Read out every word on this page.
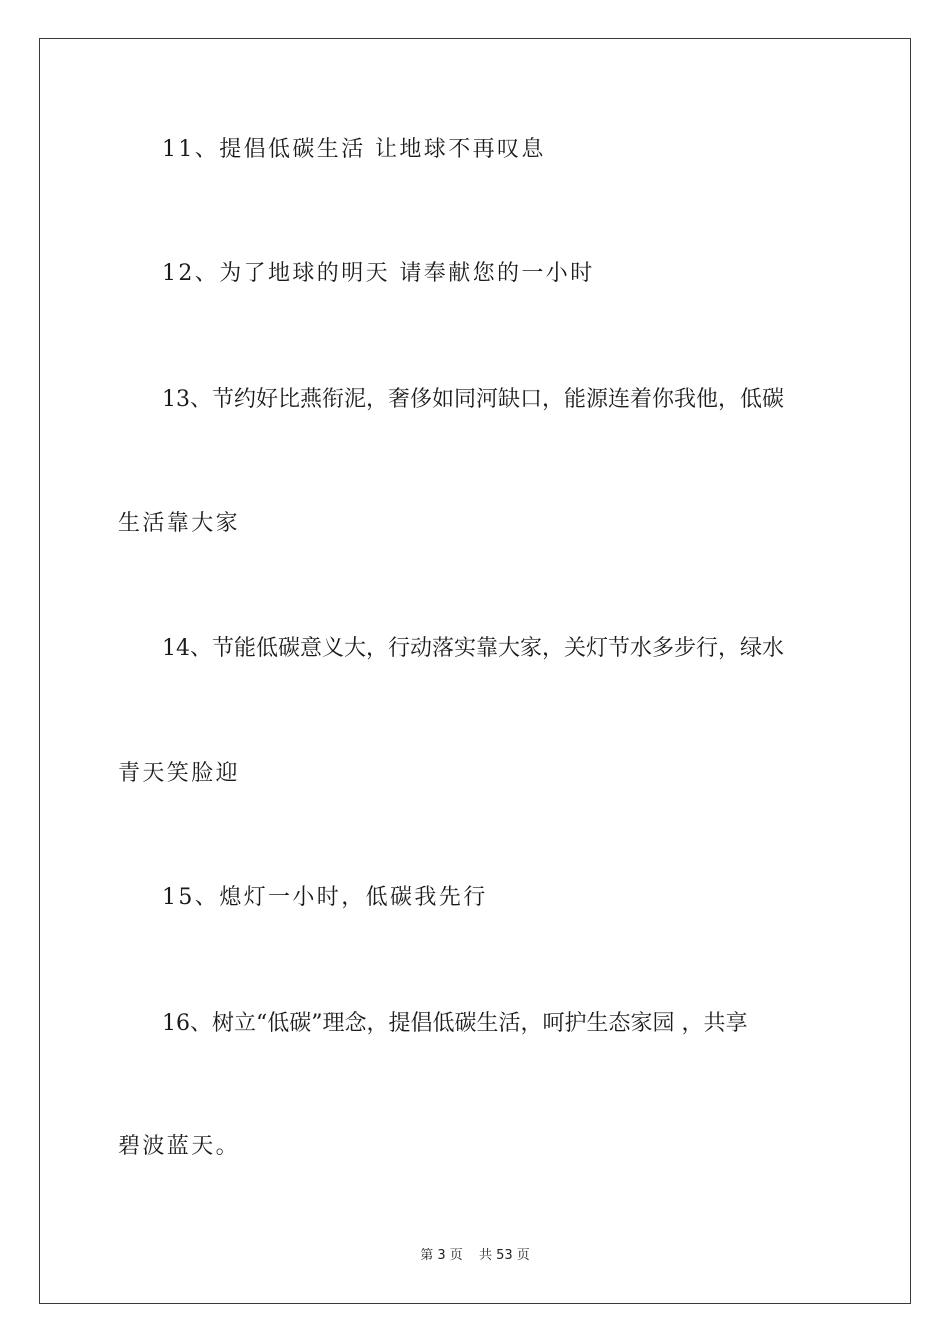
11、提倡低碳生活 让地球不再叹息
12、为了地球的明天 请奉献您的一小时
13、节约好比燕衔泥，奢侈如同河缺口，能源连着你我他，低碳
生活靠大家
14、节能低碳意义大，行动落实靠大家，关灯节水多步行，绿水
青天笑脸迎
15、熄灯一小时，低碳我先行
16、树立“低碳”理念，提倡低碳生活，呵护生态家园 ，共享
碧波蓝天。
第 3 页 共 53 页
